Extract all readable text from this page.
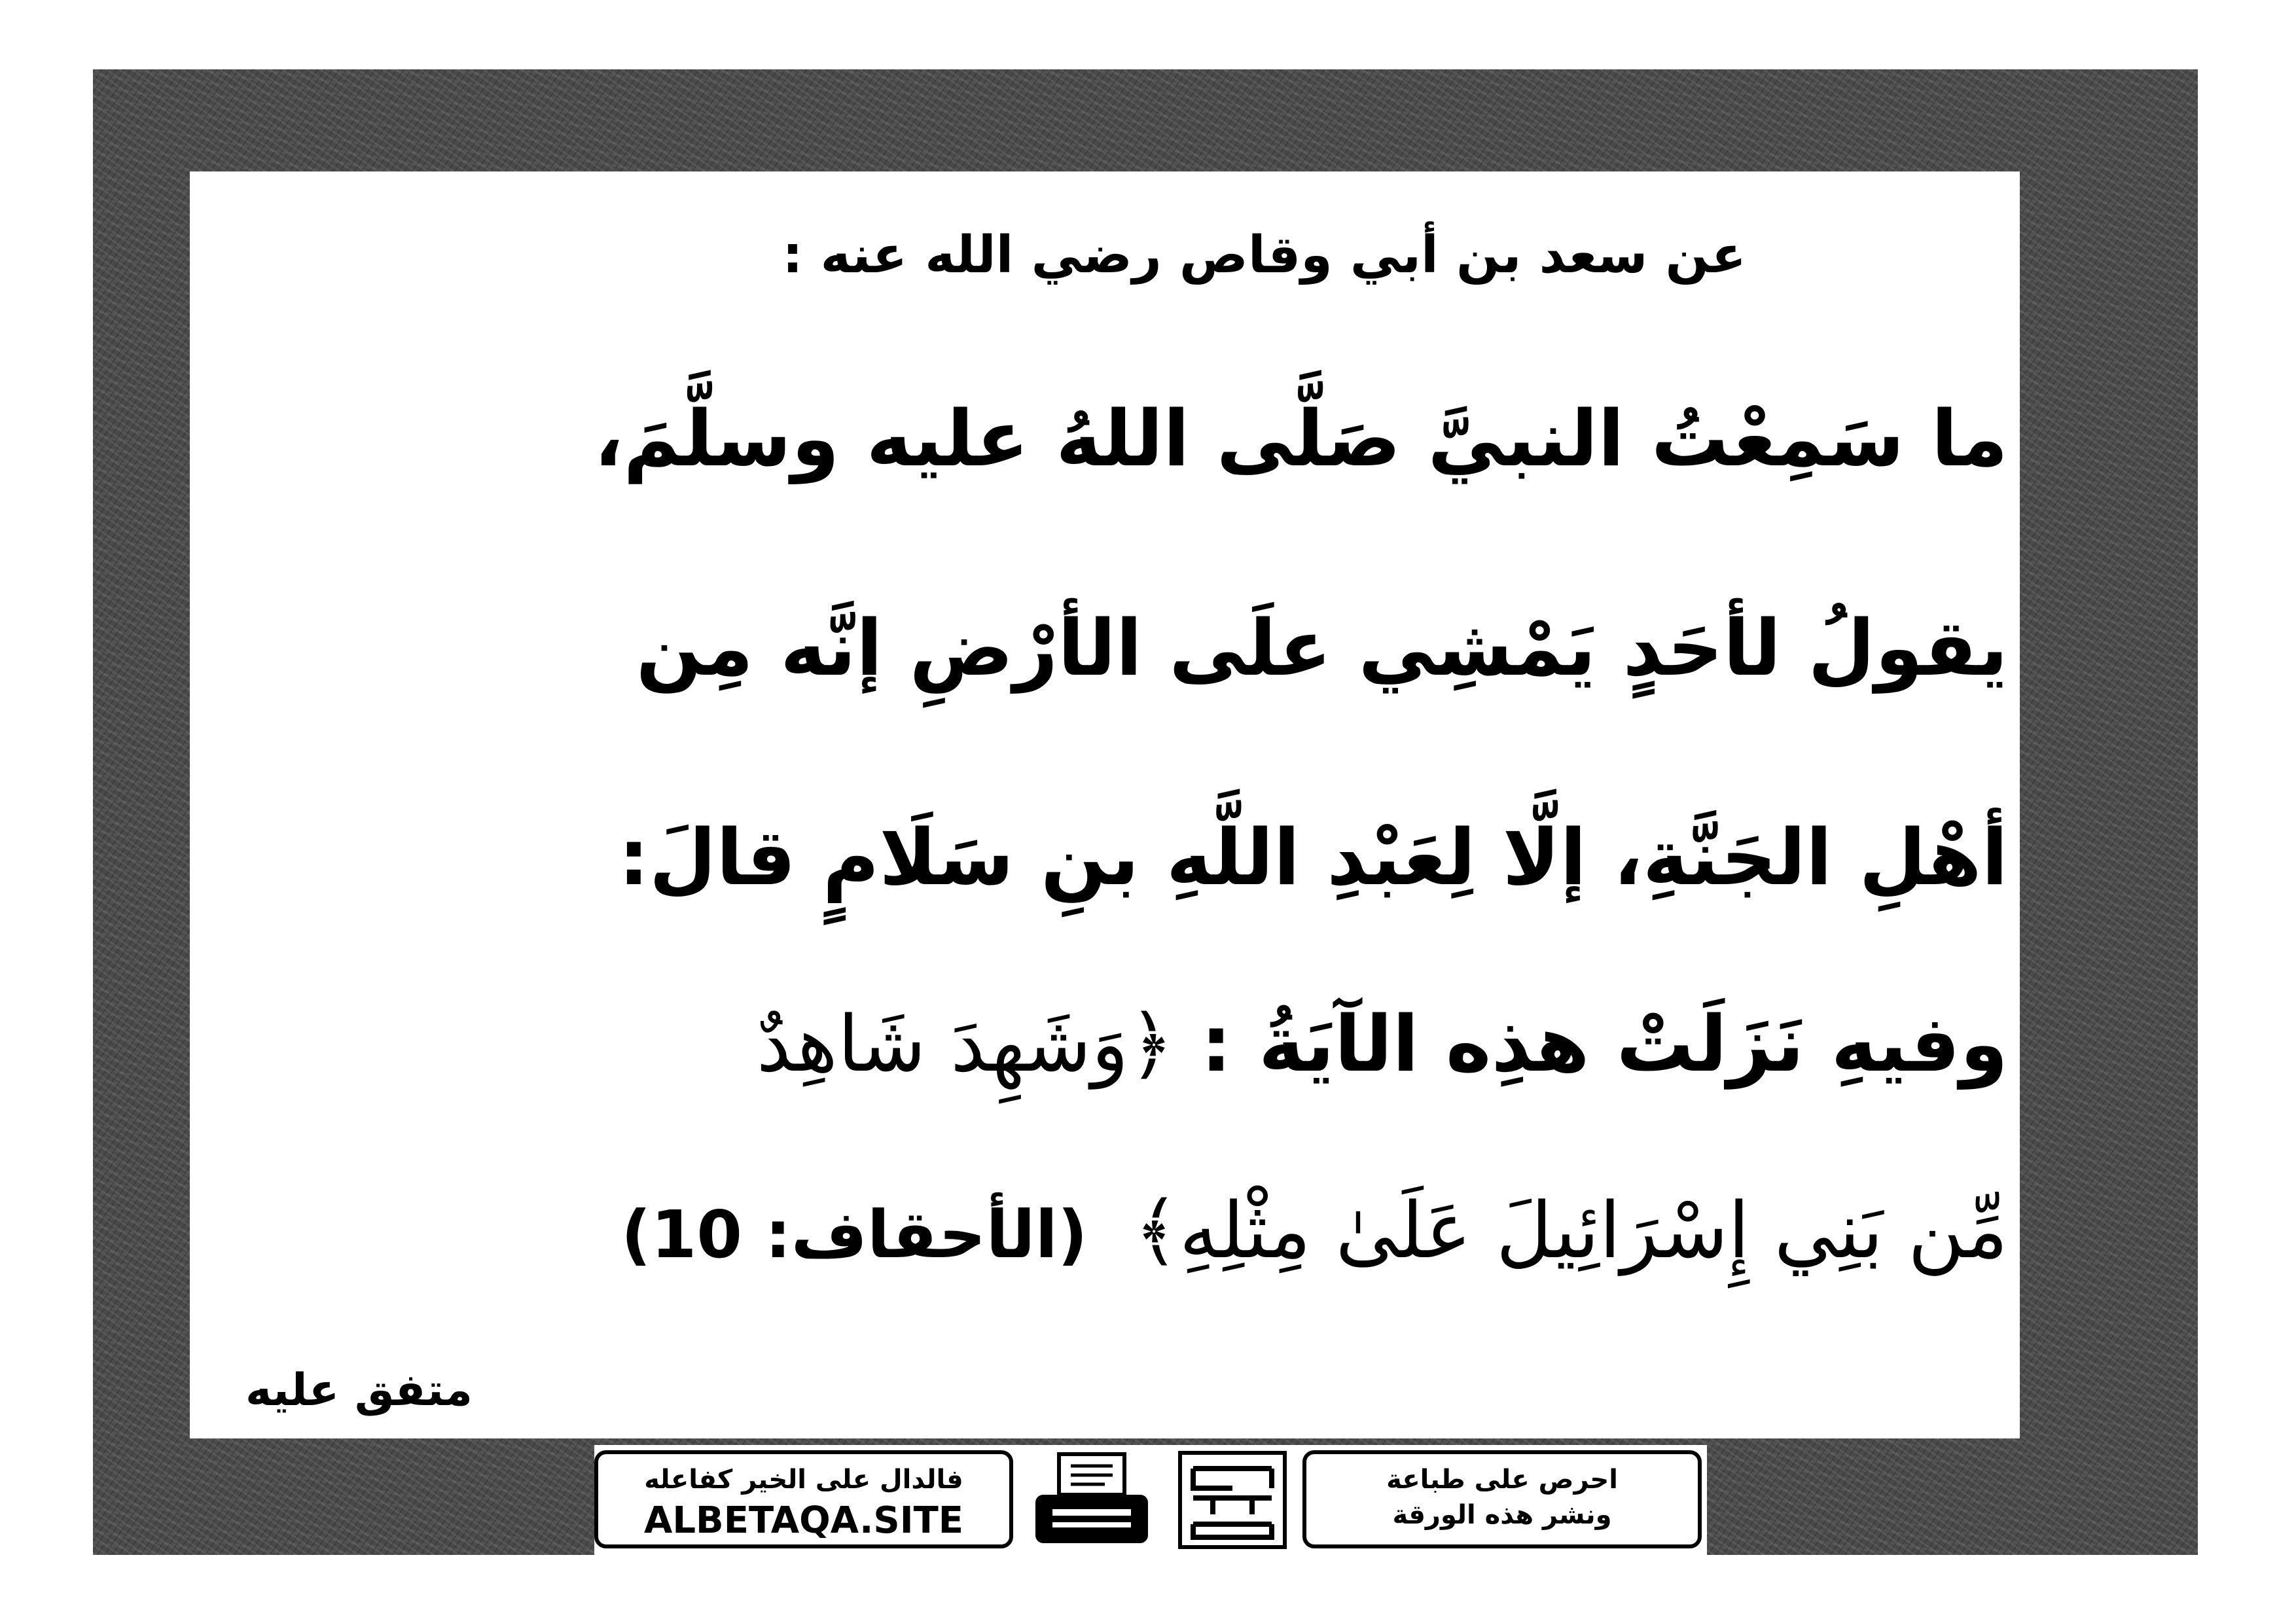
عن سعد بن أبي وقاص رضي الله عنه :
ما سَمِعْتُ النبيَّ صَلَّى اللهُ عليه وسلَّمَ،
يقولُ لأحَدٍ يَمْشِي علَى الأرْضِ إنَّه مِن
أهْلِ الجَنَّةِ، إلَّا لِعَبْدِ اللَّهِ بنِ سَلَامٍ قالَ:
وفيهِ نَزَلَتْ هذِه الآيَةُ : ﴿وَشَهِدَ شَاهِدٌ
مِّن بَنِي إِسْرَائِيلَ عَلَىٰ مِثْلِهِ﴾ (الأحقاف: 10)
متفق عليه
فالدال على الخير كفاعله
ALBETAQA.SITE
احرص على طباعة
ونشر هذه الورقة
